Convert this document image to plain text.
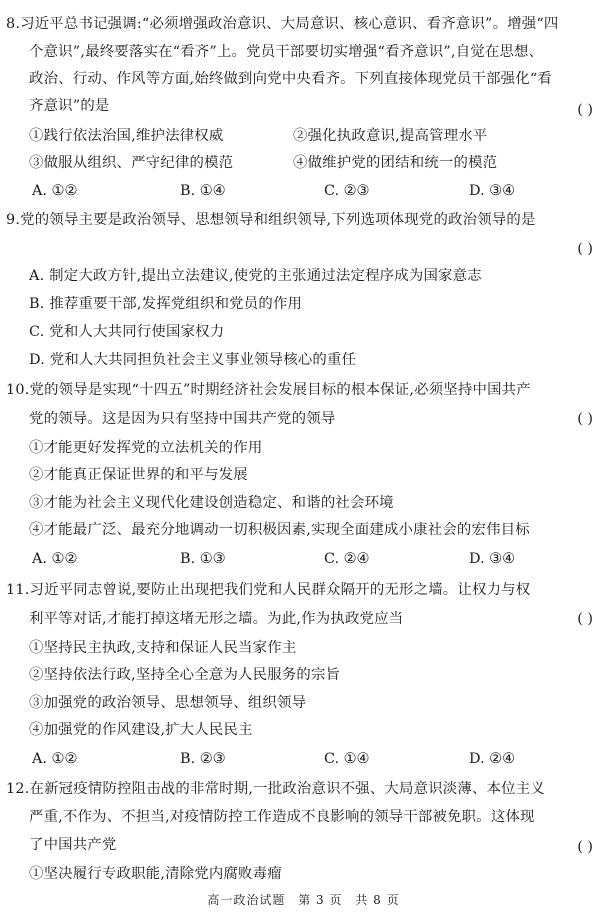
8.习近平总书记强调:“必须增强政治意识、大局意识、核心意识、看齐意识”。增强“四
个意识”,最终要落实在“看齐”上。党员干部要切实增强“看齐意识”,自觉在思想、
政治、行动、作风等方面,始终做到向党中央看齐。下列直接体现党员干部强化“看
齐意识”的是	( )
①践行依法治国,维护法律权威	②强化执政意识,提高管理水平
③做服从组织、严守纪律的模范	④做维护党的团结和统一的模范
A. ①②	B. ①④	C. ②③	D. ③④
9.党的领导主要是政治领导、思想领导和组织领导,下列选项体现党的政治领导的是
( )
A. 制定大政方针,提出立法建议,使党的主张通过法定程序成为国家意志
B. 推荐重要干部,发挥党组织和党员的作用
C. 党和人大共同行使国家权力
D. 党和人大共同担负社会主义事业领导核心的重任
10.党的领导是实现“十四五”时期经济社会发展目标的根本保证,必须坚持中国共产
党的领导。这是因为只有坚持中国共产党的领导	( )
①才能更好发挥党的立法机关的作用
②才能真正保证世界的和平与发展
③才能为社会主义现代化建设创造稳定、和谐的社会环境
④才能最广泛、最充分地调动一切积极因素,实现全面建成小康社会的宏伟目标
A. ①②	B. ①③	C. ②④	D. ③④
11.习近平同志曾说,要防止出现把我们党和人民群众隔开的无形之墙。让权力与权
利平等对话,才能打掉这堵无形之墙。为此,作为执政党应当	( )
①坚持民主执政,支持和保证人民当家作主
②坚持依法行政,坚持全心全意为人民服务的宗旨
③加强党的政治领导、思想领导、组织领导
④加强党的作风建设,扩大人民民主
A. ①②	B. ②③	C. ①④	D. ②④
12.在新冠疫情防控阻击战的非常时期,一批政治意识不强、大局意识淡薄、本位主义
严重,不作为、不担当,对疫情防控工作造成不良影响的领导干部被免职。这体现
了中国共产党	( )
①坚决履行专政职能,清除党内腐败毒瘤
高一政治试题 第 3 页 共 8 页
